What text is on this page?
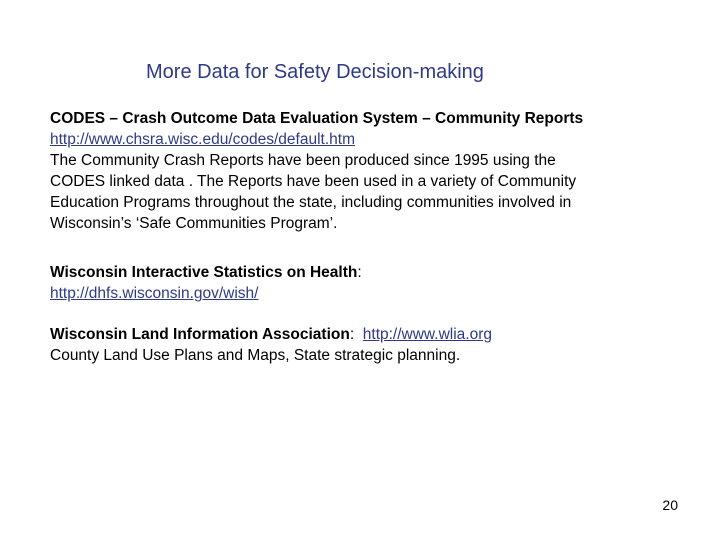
More Data for Safety Decision-making
CODES – Crash Outcome Data Evaluation System – Community Reports
http://www.chsra.wisc.edu/codes/default.htm
The Community Crash Reports have been produced since 1995 using the
CODES linked data . The Reports have been used in a variety of Community
Education Programs throughout the state, including communities involved in
Wisconsin’s ‘Safe Communities Program’.
Wisconsin Interactive Statistics on Health:
http://dhfs.wisconsin.gov/wish/
Wisconsin Land Information Association:  http://www.wlia.org
County Land Use Plans and Maps, State strategic planning.
20
